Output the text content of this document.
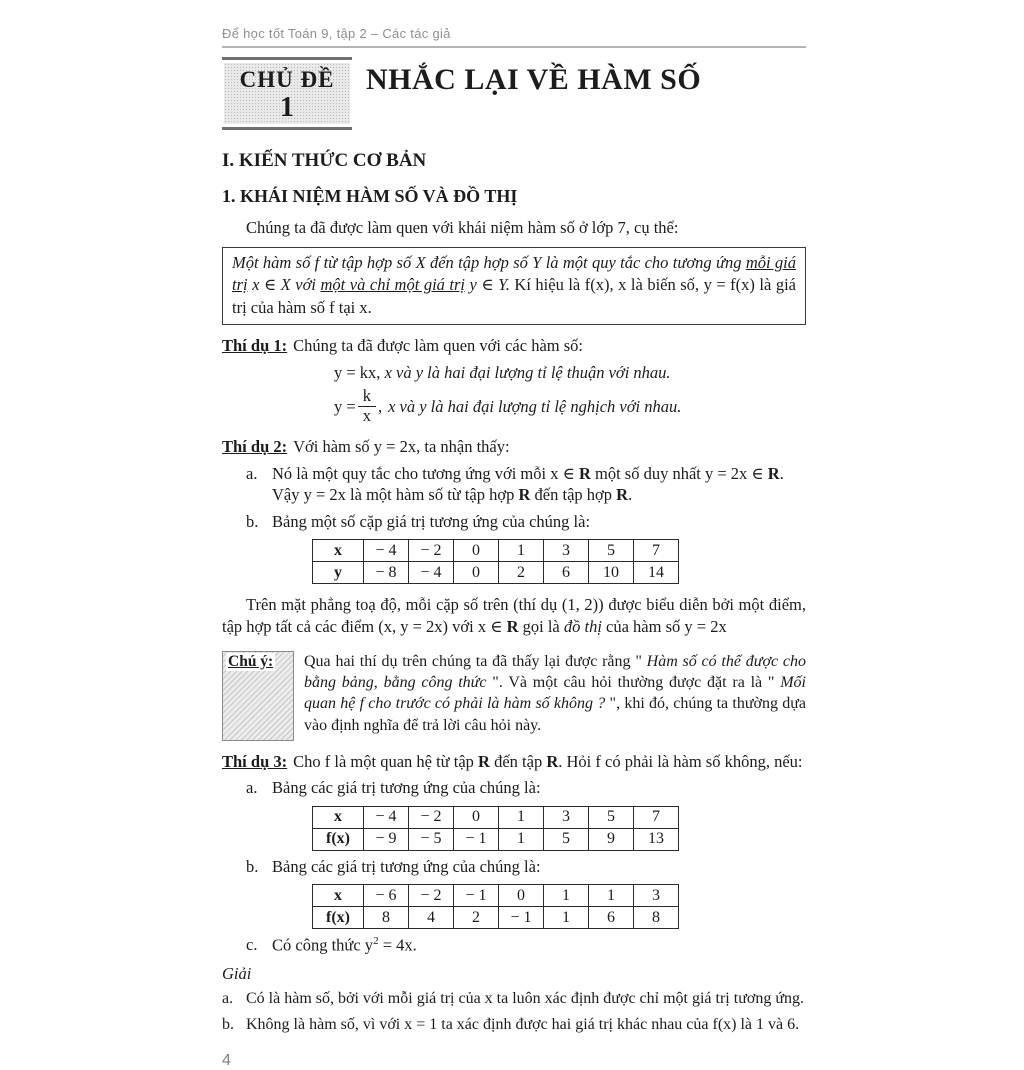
Để học tốt Toán 9, tập 2 – Các tác giả
CHỦ ĐỀ
1
NHẮC LẠI VỀ HÀM SỐ
I. KIẾN THỨC CƠ BẢN
1. KHÁI NIỆM HÀM SỐ VÀ ĐỒ THỊ

Chúng ta đã được làm quen với khái niệm hàm số ở lớp 7, cụ thể:

Một hàm số f từ tập hợp số X đến tập hợp số Y là một quy tắc cho tương ứng mỗi giá trị x ∈ X với một và chỉ một giá trị y ∈ Y. Kí hiệu là f(x), x là biến số, y = f(x) là giá trị của hàm số f tại x.

Thí dụ 1: Chúng ta đã được làm quen với các hàm số:

y = kx, x và y là hai đại lượng tỉ lệ thuận với nhau.

$y = \frac{k}{x}$ , x và y là hai đại lượng tỉ lệ nghịch với nhau.

Thí dụ 2: Với hàm số y = 2x, ta nhận thấy:

a. Nó là một quy tắc cho tương ứng với mỗi x ∈ R một số duy nhất y = 2x ∈ R.
Vậy y = 2x là một hàm số từ tập hợp R đến tập hợp R.
b. Bảng một số cặp giá trị tương ứng của chúng là:
x	− 4	− 2	0	1	3	5	7
y	− 8	− 4	0	2	6	10	14

Trên mặt phẳng toạ độ, mỗi cặp số trên (thí dụ (1, 2)) được biểu diễn bởi một điểm, tập hợp tất cả các điểm (x, y = 2x) với x ∈ R gọi là đồ thị của hàm số y = 2x

Chú ý: Qua hai thí dụ trên chúng ta đã thấy lại được rằng " Hàm số có thể được cho bằng bảng, bằng công thức ". Và một câu hỏi thường được đặt ra là " Mối quan hệ f cho trước có phải là hàm số không ? ", khi đó, chúng ta thường dựa vào định nghĩa để trả lời câu hỏi này.

Thí dụ 3: Cho f là một quan hệ từ tập R đến tập R. Hỏi f có phải là hàm số không, nếu:

a. Bảng các giá trị tương ứng của chúng là:
x	− 4	− 2	0	1	3	5	7
f(x)	− 9	− 5	− 1	1	5	9	13
b. Bảng các giá trị tương ứng của chúng là:
x	− 6	− 2	− 1	0	1	1	3
f(x)	8	4	2	− 1	1	6	8
c. Có công thức $y^2 = 4x$.

Giải

a. Có là hàm số, bởi với mỗi giá trị của x ta luôn xác định được chỉ một giá trị tương ứng.
b. Không là hàm số, vì với x = 1 ta xác định được hai giá trị khác nhau của f(x) là 1 và 6.
4
